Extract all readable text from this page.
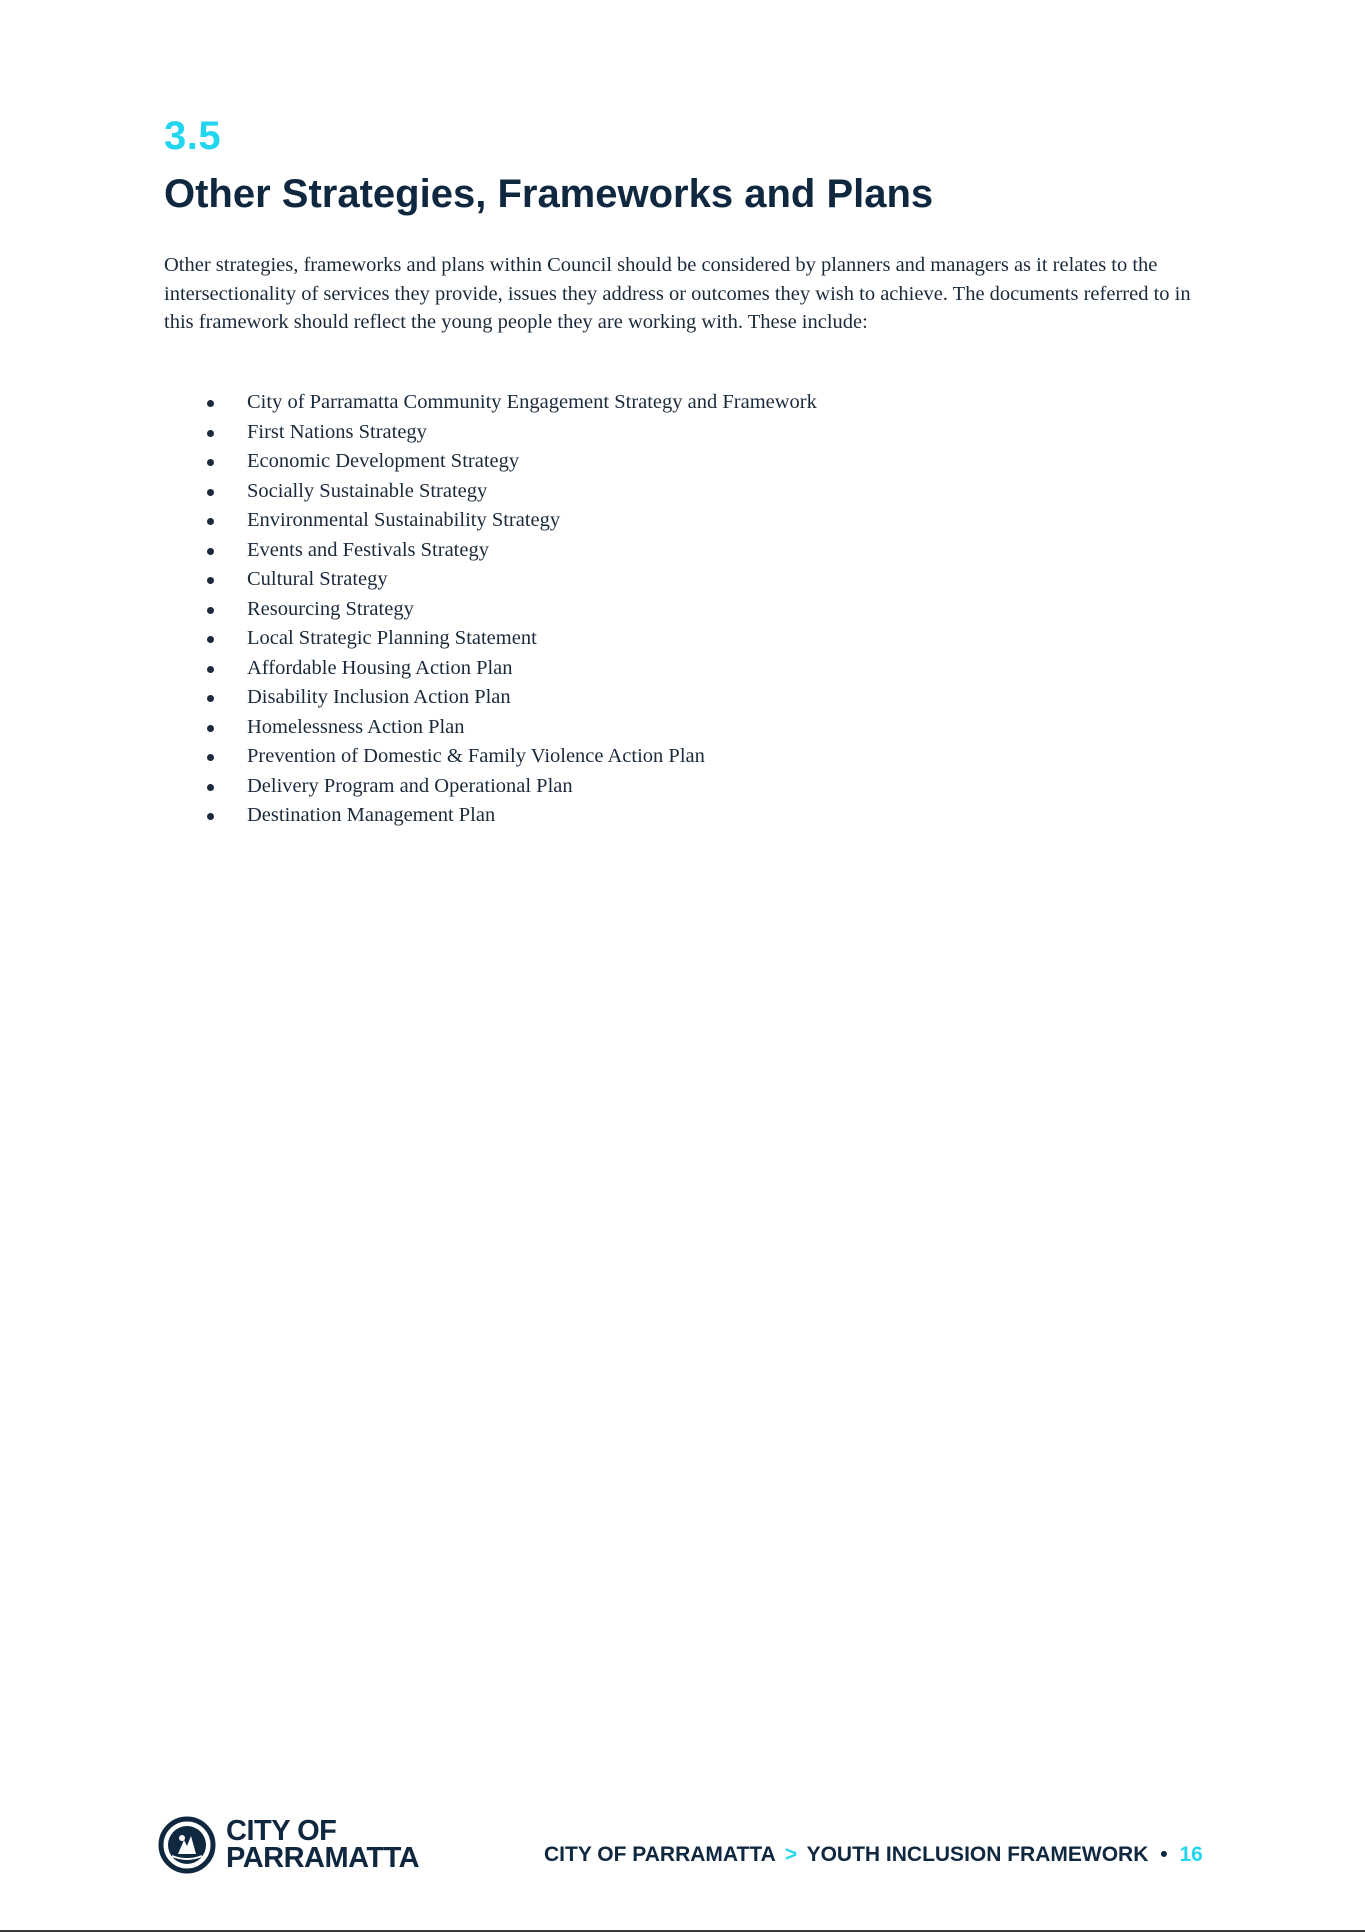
3.5
Other Strategies, Frameworks and Plans

Other strategies, frameworks and plans within Council should be considered by planners and managers as it relates to the intersectionality of services they provide, issues they address or outcomes they wish to achieve. The documents referred to in this framework should reflect the young people they are working with. These include:

City of Parramatta Community Engagement Strategy and Framework
First Nations Strategy
Economic Development Strategy
Socially Sustainable Strategy
Environmental Sustainability Strategy
Events and Festivals Strategy
Cultural Strategy
Resourcing Strategy
Local Strategic Planning Statement
Affordable Housing Action Plan
Disability Inclusion Action Plan
Homelessness Action Plan
Prevention of Domestic & Family Violence Action Plan
Delivery Program and Operational Plan
Destination Management Plan
CITY OF
PARRAMATTA	CITY OF PARRAMATTA > YOUTH INCLUSION FRAMEWORK • 16
